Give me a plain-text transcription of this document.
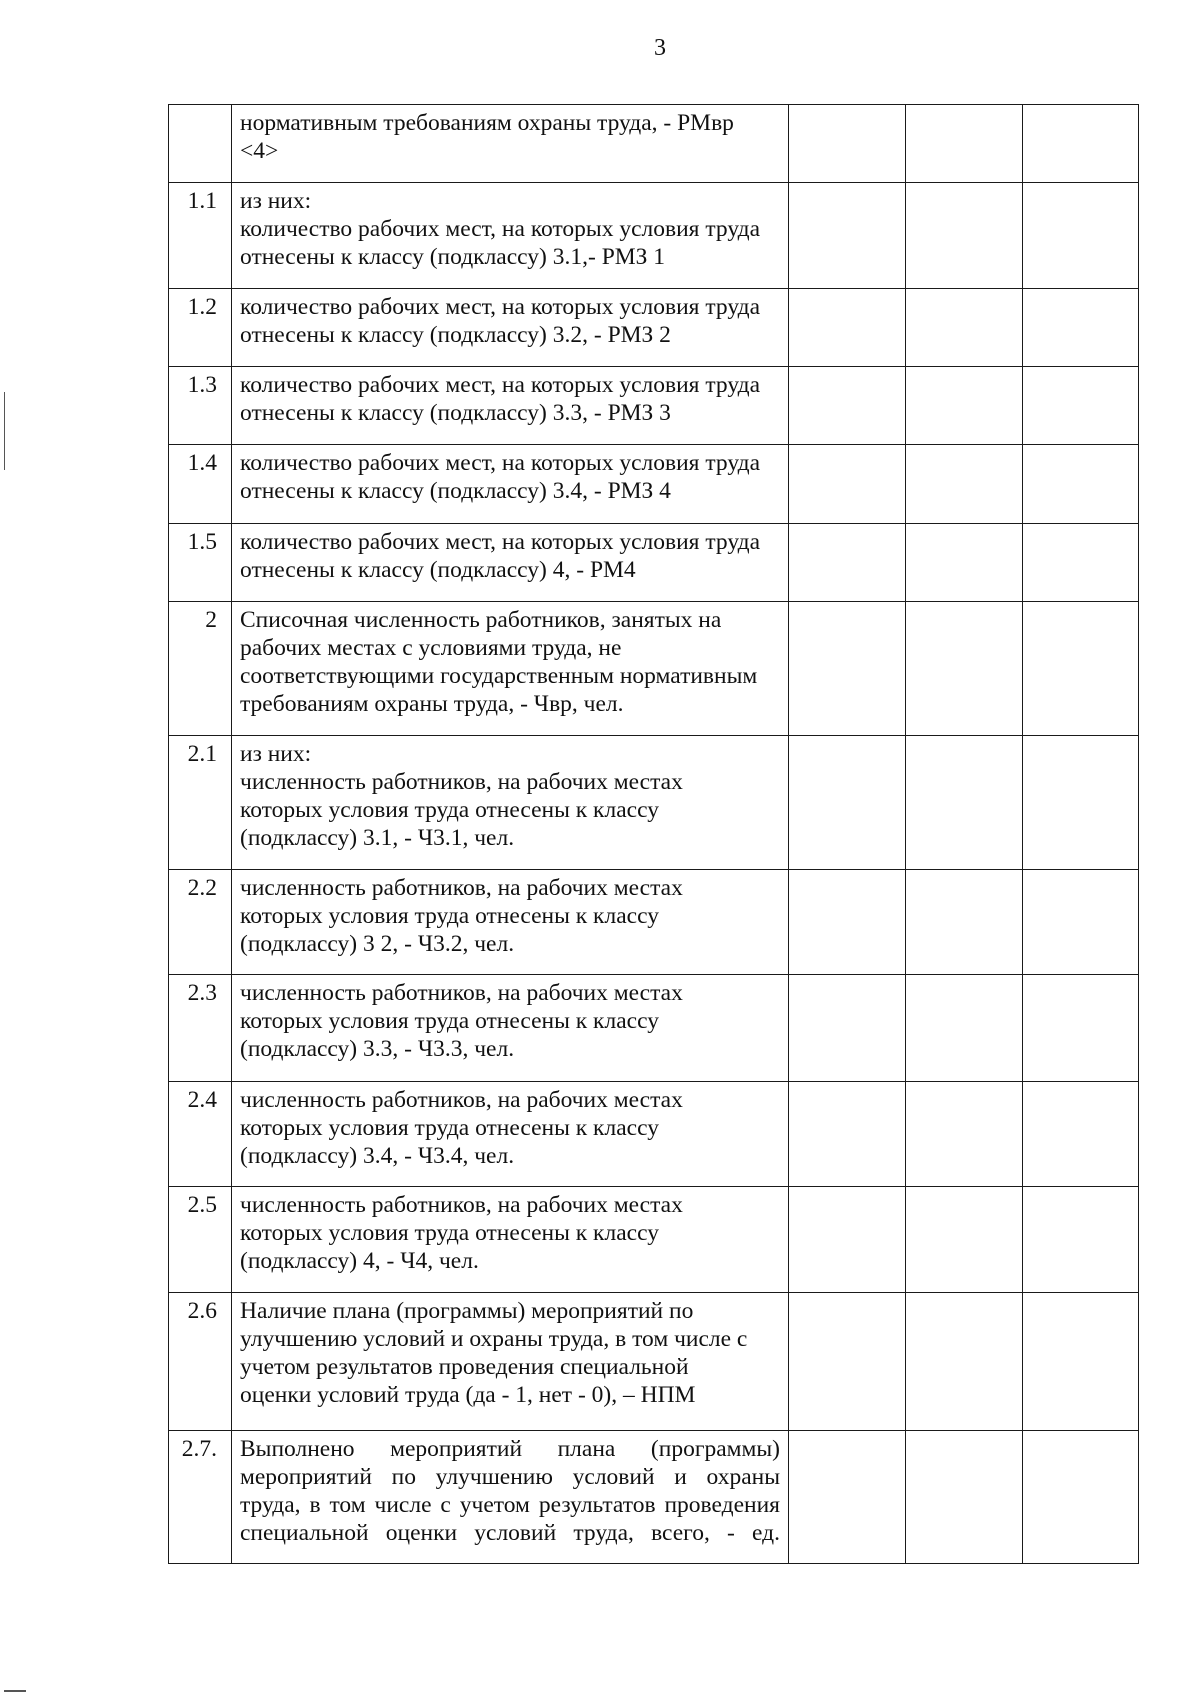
3

	нормативным требованиям охраны труда, - РМвр
<4>			

1.1	из них:
количество рабочих мест, на которых условия труда
отнесены к классу (подклассу) 3.1,- РМЗ 1			

1.2	количество рабочих мест, на которых условия труда
отнесены к классу (подклассу) 3.2, - РМЗ 2			

1.3	количество рабочих мест, на которых условия труда
отнесены к классу (подклассу) 3.3, - РМЗ 3			

1.4	количество рабочих мест, на которых условия труда
отнесены к классу (подклассу) 3.4, - РМЗ 4			

1.5	количество рабочих мест, на которых условия труда
отнесены к классу (подклассу) 4, - РМ4			

2	Списочная численность работников, занятых на
рабочих местах с условиями труда, не
соответствующими государственным нормативным
требованиям охраны труда, - Чвр, чел.			

2.1	из них:
численность работников, на рабочих местах
которых условия труда отнесены к классу
(подклассу) 3.1, - Ч3.1, чел.			

2.2	численность работников, на рабочих местах
которых условия труда отнесены к классу
(подклассу) 3 2, - Ч3.2, чел.			

2.3	численность работников, на рабочих местах
которых условия труда отнесены к классу
(подклассу) 3.3, - Ч3.3, чел.			

2.4	численность работников, на рабочих местах
которых условия труда отнесены к классу
(подклассу) 3.4, - Ч3.4, чел.			

2.5	численность работников, на рабочих местах
которых условия труда отнесены к классу
(подклассу) 4, - Ч4, чел.			

2.6	Наличие плана (программы) мероприятий по
улучшению условий и охраны труда, в том числе с
учетом результатов проведения специальной
оценки условий труда (да - 1, нет - 0), – НПМ			

2.7.	Выполнено мероприятий плана (программы)
мероприятий по улучшению условий и охраны
труда, в том числе с учетом результатов проведения
специальной оценки условий труда, всего, - ед.			
